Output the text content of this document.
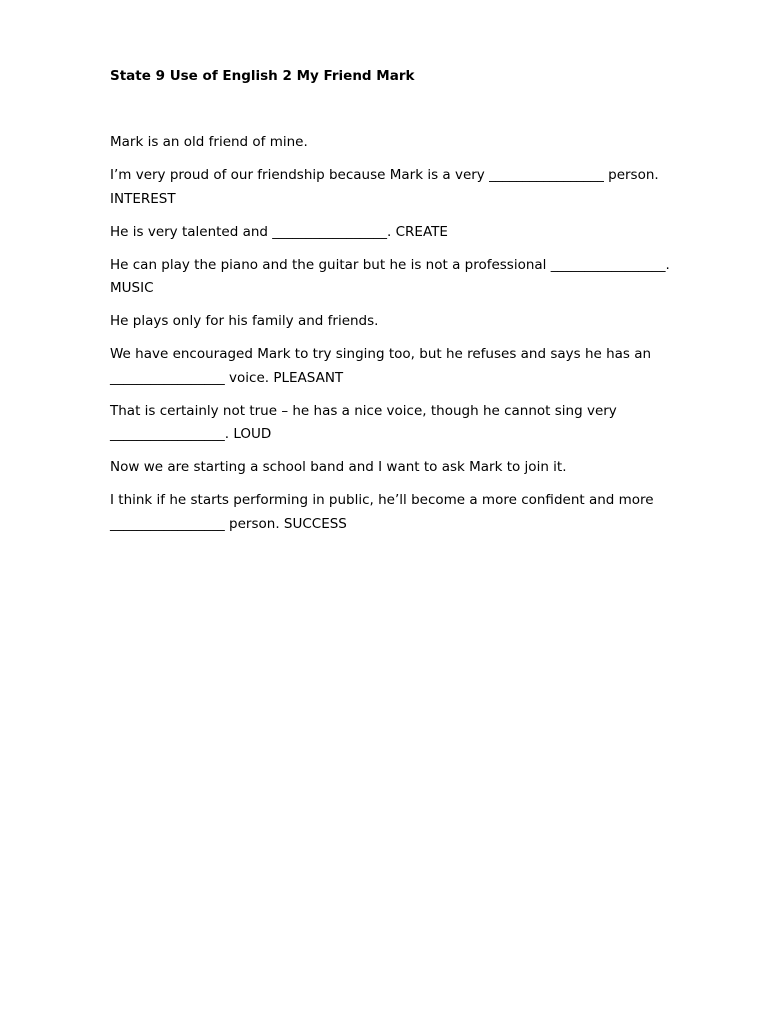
State 9 Use of English 2 My Friend Mark

Mark is an old friend of mine.

I’m very proud of our friendship because Mark is a very _________________ person. INTEREST

He is very talented and _________________. CREATE

He can play the piano and the guitar but he is not a professional _________________. MUSIC

He plays only for his family and friends.

We have encouraged Mark to try singing too, but he refuses and says he has an _________________ voice. PLEASANT

That is certainly not true – he has a nice voice, though he cannot sing very _________________. LOUD

Now we are starting a school band and I want to ask Mark to join it.

I think if he starts performing in public, he’ll become a more confident and more _________________ person. SUCCESS
